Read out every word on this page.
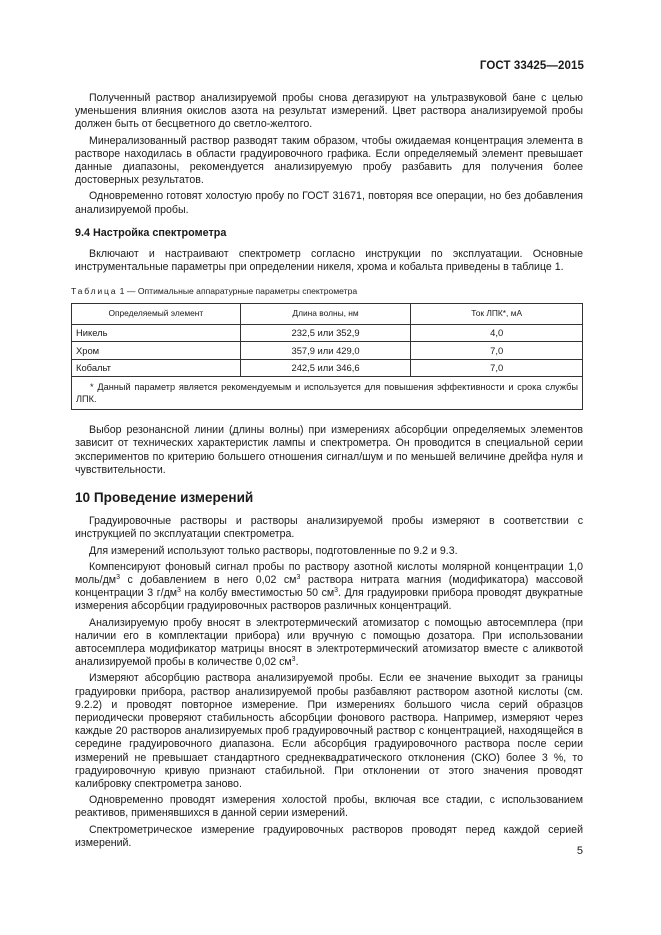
ГОСТ 33425—2015

Полученный раствор анализируемой пробы снова дегазируют на ультразвуковой бане с целью уменьшения влияния окислов азота на результат измерений. Цвет раствора анализируемой пробы должен быть от бесцветного до светло-желтого.

Минерализованный раствор разводят таким образом, чтобы ожидаемая концентрация элемента в растворе находилась в области градуировочного графика. Если определяемый элемент превышает данные диапазоны, рекомендуется анализируемую пробу разбавить для получения более достоверных результатов.

Одновременно готовят холостую пробу по ГОСТ 31671, повторяя все операции, но без добавления анализируемой пробы.

9.4 Настройка спектрометра

Включают и настраивают спектрометр согласно инструкции по эксплуатации. Основные инструментальные параметры при определении никеля, хрома и кобальта приведены в таблице 1.

Таблица 1 — Оптимальные аппаратурные параметры спектрометра
Определяемый элемент	Длина волны, нм	Ток ЛПК*, мА
Никель	232,5 или 352,9	4,0
Хром	357,9 или 429,0	7,0
Кобальт	242,5 или 346,6	7,0
* Данный параметр является рекомендуемым и используется для повышения эффективности и срока службы ЛПК.		

Выбор резонансной линии (длины волны) при измерениях абсорбции определяемых элементов зависит от технических характеристик лампы и спектрометра. Он проводится в специальной серии экспериментов по критерию большего отношения сигнал/шум и по меньшей величине дрейфа нуля и чувствительности.

10 Проведение измерений

Градуировочные растворы и растворы анализируемой пробы измеряют в соответствии с инструкцией по эксплуатации спектрометра.

Для измерений используют только растворы, подготовленные по 9.2 и 9.3.

Компенсируют фоновый сигнал пробы по раствору азотной кислоты молярной концентрации 1,0 моль/$дм^3$ с добавлением в него 0,02 $см^3$ раствора нитрата магния (модификатора) массовой концентрации 3 $г/дм^3$ на колбу вместимостью 50 $см^3$. Для градуировки прибора проводят двукратные измерения абсорбции градуировочных растворов различных концентраций.

Анализируемую пробу вносят в электротермический атомизатор с помощью автосемплера (при наличии его в комплектации прибора) или вручную с помощью дозатора. При использовании автосемплера модификатор матрицы вносят в электротермический атомизатор вместе с аликвотой анализируемой пробы в количестве 0,02 $см^3$.

Измеряют абсорбцию раствора анализируемой пробы. Если ее значение выходит за границы градуировки прибора, раствор анализируемой пробы разбавляют раствором азотной кислоты (см. 9.2.2) и проводят повторное измерение. При измерениях большого числа серий образцов периодически проверяют стабильность абсорбции фонового раствора. Например, измеряют через каждые 20 растворов анализируемых проб градуировочный раствор с концентрацией, находящейся в середине градуировочного диапазона. Если абсорбция градуировочного раствора после серии измерений не превышает стандартного среднеквадратического отклонения (СКО) более 3 %, то градуировочную кривую признают стабильной. При отклонении от этого значения проводят калибровку спектрометра заново.

Одновременно проводят измерения холостой пробы, включая все стадии, с использованием реактивов, применявшихся в данной серии измерений.

Спектрометрическое измерение градуировочных растворов проводят перед каждой серией измерений.

5
